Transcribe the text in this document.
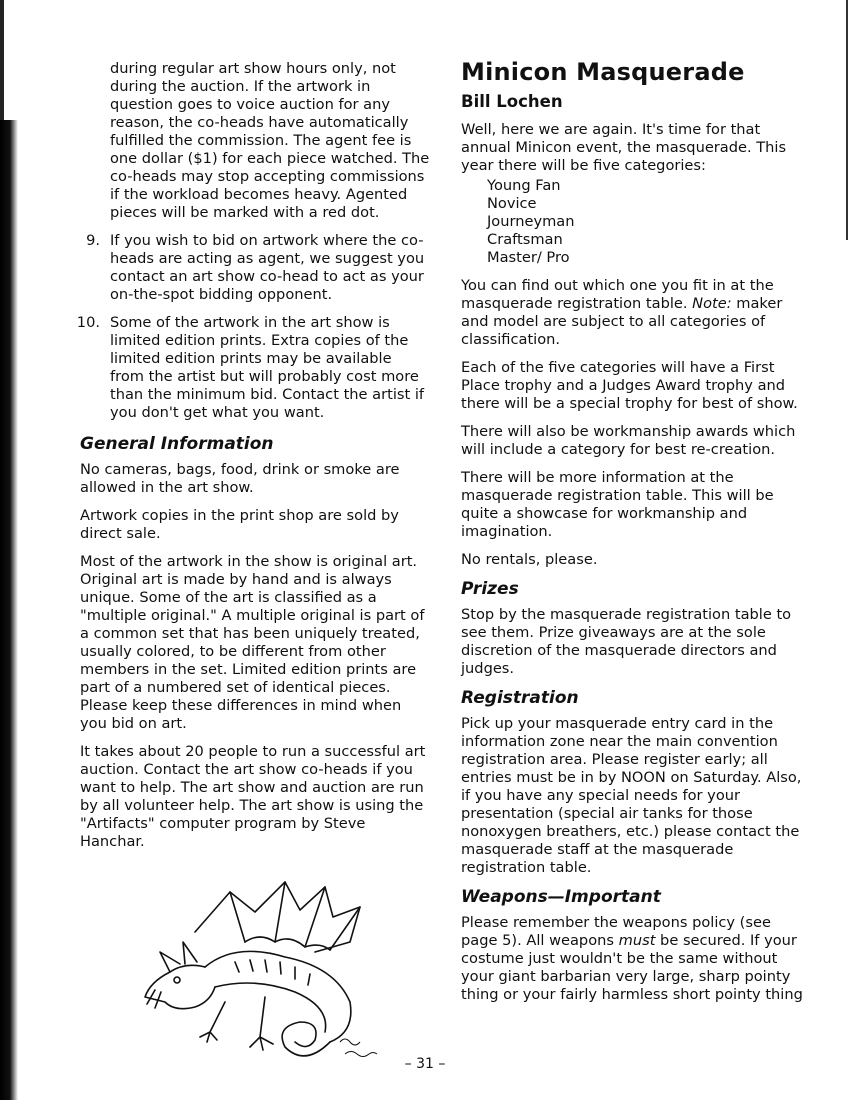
during regular art show hours only, not during the auction. If the artwork in question goes to voice auction for any reason, the co-heads have automatically fulfilled the commission. The agent fee is one dollar ($1) for each piece watched. The co-heads may stop accepting commissions if the workload becomes heavy. Agented pieces will be marked with a red dot.

9. If you wish to bid on artwork where the co-heads are acting as agent, we suggest you contact an art show co-head to act as your on-the-spot bidding opponent.
10. Some of the artwork in the art show is limited edition prints. Extra copies of the limited edition prints may be available from the artist but will probably cost more than the minimum bid. Contact the artist if you don't get what you want.
General Information

No cameras, bags, food, drink or smoke are allowed in the art show.

Artwork copies in the print shop are sold by direct sale.

Most of the artwork in the show is original art. Original art is made by hand and is always unique. Some of the art is classified as a "multiple original." A multiple original is part of a common set that has been uniquely treated, usually colored, to be different from other members in the set. Limited edition prints are part of a numbered set of identical pieces. Please keep these differences in mind when you bid on art.

It takes about 20 people to run a successful art auction. Contact the art show co-heads if you want to help. The art show and auction are run by all volunteer help. The art show is using the "Artifacts" computer program by Steve Hanchar.

Minicon Masquerade
Bill Lochen

Well, here we are again. It's time for that annual Minicon event, the masquerade. This year there will be five categories:

Young Fan
Novice
Journeyman
Craftsman
Master/ Pro

You can find out which one you fit in at the masquerade registration table. Note: maker and model are subject to all categories of classification.

Each of the five categories will have a First Place trophy and a Judges Award trophy and there will be a special trophy for best of show.

There will also be workmanship awards which will include a category for best re-creation.

There will be more information at the masquerade registration table. This will be quite a showcase for workmanship and imagination.

No rentals, please.

Prizes

Stop by the masquerade registration table to see them. Prize giveaways are at the sole discretion of the masquerade directors and judges.

Registration

Pick up your masquerade entry card in the information zone near the main convention registration area. Please register early; all entries must be in by NOON on Saturday. Also, if you have any special needs for your presentation (special air tanks for those nonoxygen breathers, etc.) please contact the masquerade staff at the masquerade registration table.

Weapons—Important

Please remember the weapons policy (see page 5). All weapons must be secured. If your costume just wouldn't be the same without your giant barbarian very large, sharp pointy thing or your fairly harmless short pointy thing

– 31 –
